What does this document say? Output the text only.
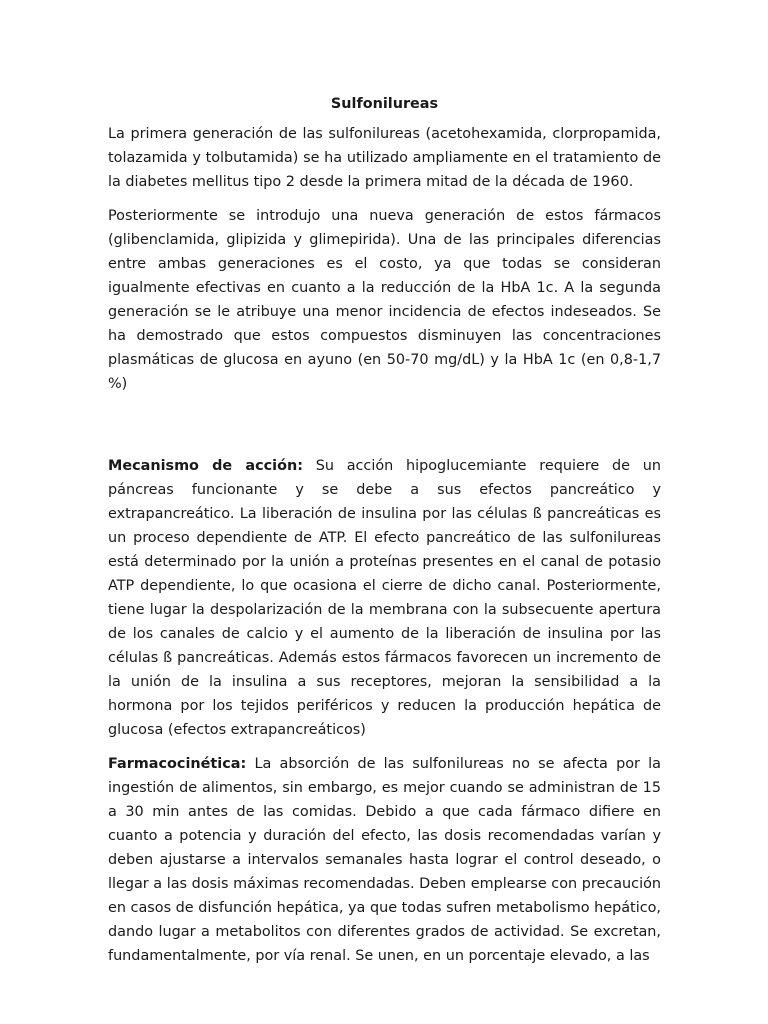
Sulfonilureas

La primera generación de las sulfonilureas (acetohexamida, clorpropamida, tolazamida y tolbutamida) se ha utilizado ampliamente en el tratamiento de la diabetes mellitus tipo 2 desde la primera mitad de la década de 1960.

Posteriormente se introdujo una nueva generación de estos fármacos (glibenclamida, glipizida y glimepirida). Una de las principales diferencias entre ambas generaciones es el costo, ya que todas se consideran igualmente efectivas en cuanto a la reducción de la HbA 1c. A la segunda generación se le atribuye una menor incidencia de efectos indeseados. Se ha demostrado que estos compuestos disminuyen las concentraciones plasmáticas de glucosa en ayuno (en 50-70 mg/dL) y la HbA 1c (en 0,8-1,7 %)

Mecanismo de acción: Su acción hipoglucemiante requiere de un páncreas funcionante y se debe a sus efectos pancreático y extrapancreático. La liberación de insulina por las células ß pancreáticas es un proceso dependiente de ATP. El efecto pancreático de las sulfonilureas está determinado por la unión a proteínas presentes en el canal de potasio ATP dependiente, lo que ocasiona el cierre de dicho canal. Posteriormente, tiene lugar la despolarización de la membrana con la subsecuente apertura de los canales de calcio y el aumento de la liberación de insulina por las células ß pancreáticas. Además estos fármacos favorecen un incremento de la unión de la insulina a sus receptores, mejoran la sensibilidad a la hormona por los tejidos periféricos y reducen la producción hepática de glucosa (efectos extrapancreáticos)

Farmacocinética: La absorción de las sulfonilureas no se afecta por la ingestión de alimentos, sin embargo, es mejor cuando se administran de 15 a 30 min antes de las comidas. Debido a que cada fármaco difiere en cuanto a potencia y duración del efecto, las dosis recomendadas varían y deben ajustarse a intervalos semanales hasta lograr el control deseado, o llegar a las dosis máximas recomendadas. Deben emplearse con precaución en casos de disfunción hepática, ya que todas sufren metabolismo hepático, dando lugar a metabolitos con diferentes grados de actividad. Se excretan, fundamentalmente, por vía renal. Se unen, en un porcentaje elevado, a las
